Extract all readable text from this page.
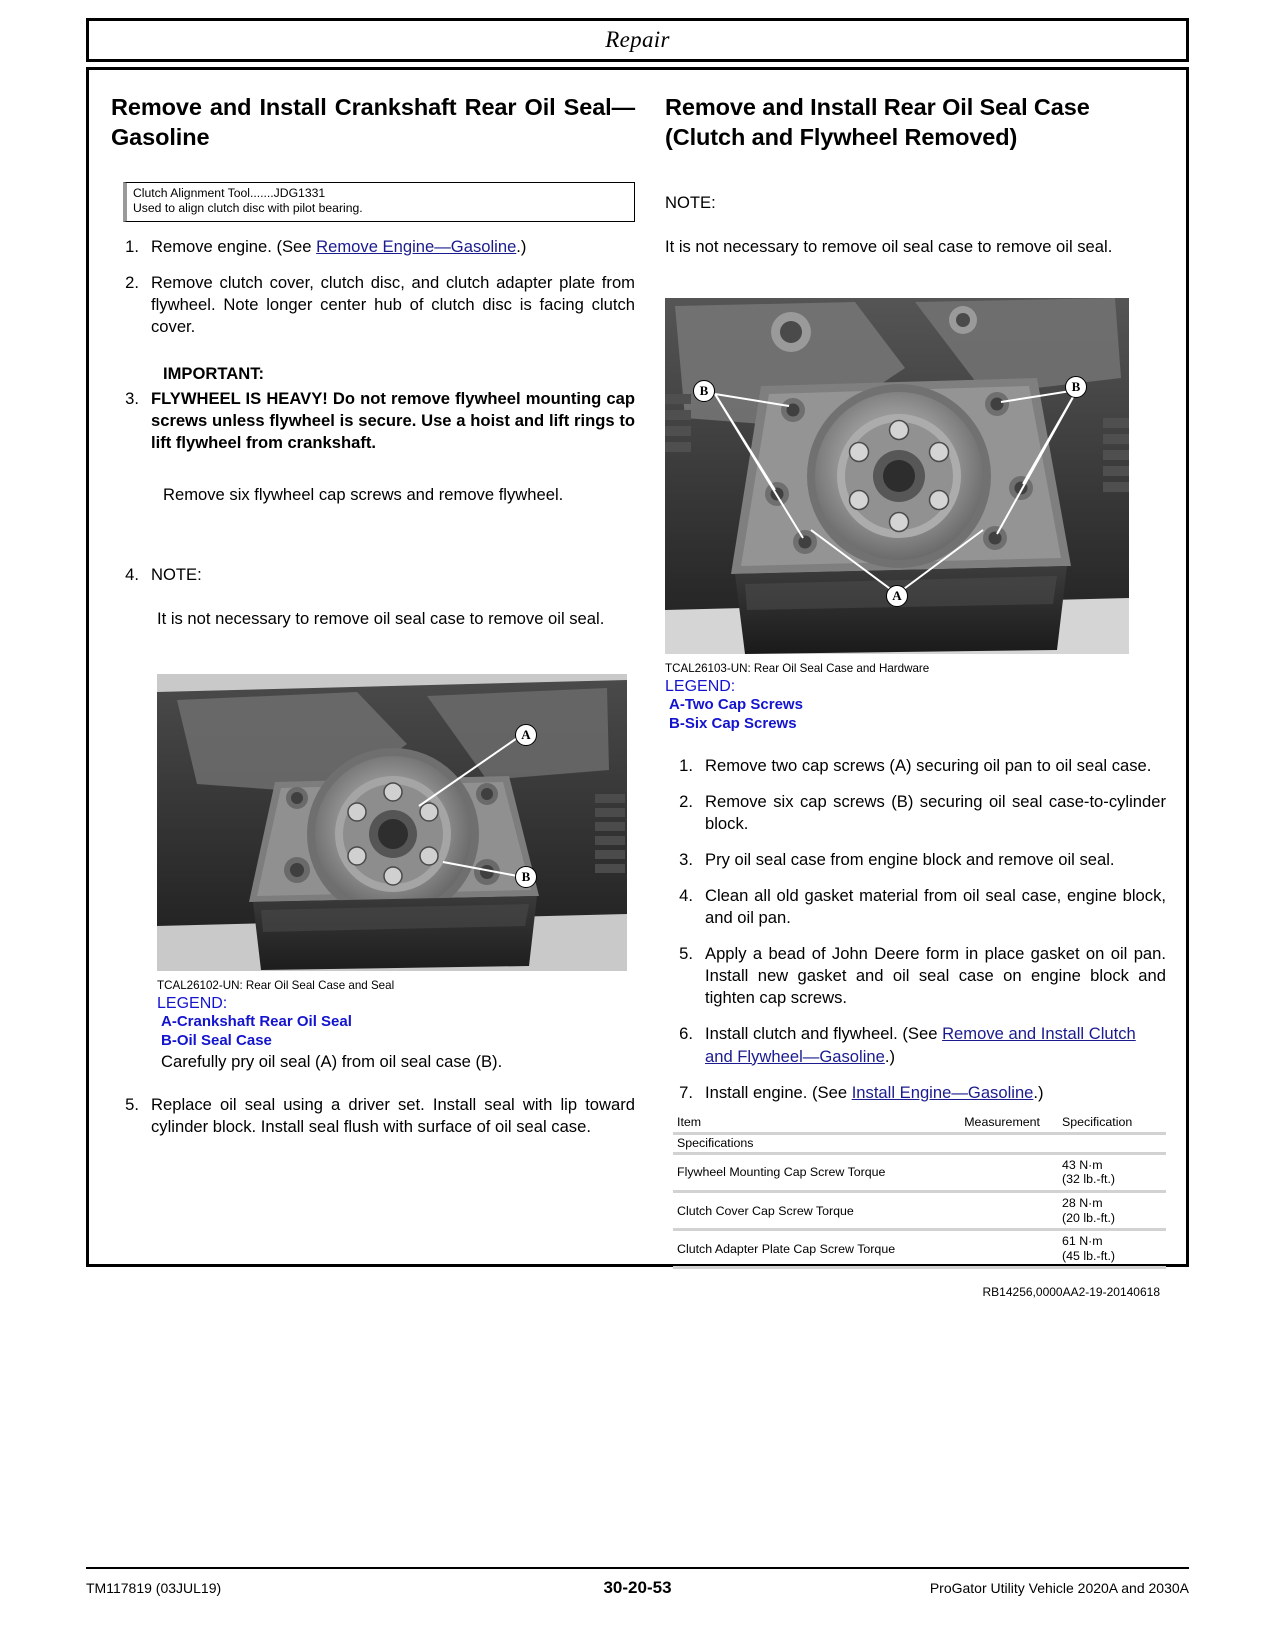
Repair
Remove and Install Crankshaft Rear Oil Seal—Gasoline
Clutch Alignment Tool.......JDG1331
Used to align clutch disc with pilot bearing.
1. Remove engine. (See Remove Engine—Gasoline.)
2. Remove clutch cover, clutch disc, and clutch adapter plate from flywheel. Note longer center hub of clutch disc is facing clutch cover.
IMPORTANT:
3. FLYWHEEL IS HEAVY! Do not remove flywheel mounting cap screws unless flywheel is secure. Use a hoist and lift rings to lift flywheel from crankshaft.
Remove six flywheel cap screws and remove flywheel.
4. NOTE:
It is not necessary to remove oil seal case to remove oil seal.
A
B
TCAL26102-UN: Rear Oil Seal Case and Seal
LEGEND:
A-Crankshaft Rear Oil Seal
B-Oil Seal Case
Carefully pry oil seal (A) from oil seal case (B).
5. Replace oil seal using a driver set. Install seal with lip toward cylinder block. Install seal flush with surface of oil seal case.
Remove and Install Rear Oil Seal Case (Clutch and Flywheel Removed)
NOTE:
It is not necessary to remove oil seal case to remove oil seal.
B	B
A
TCAL26103-UN: Rear Oil Seal Case and Hardware
LEGEND:
A-Two Cap Screws
B-Six Cap Screws
1. Remove two cap screws (A) securing oil pan to oil seal case.
2. Remove six cap screws (B) securing oil seal case-to-cylinder block.
3. Pry oil seal case from engine block and remove oil seal.
4. Clean all old gasket material from oil seal case, engine block, and oil pan.
5. Apply a bead of John Deere form in place gasket on oil pan. Install new gasket and oil seal case on engine block and tighten cap screws.
6. Install clutch and flywheel. (See Remove and Install Clutch and Flywheel—Gasoline.)
7. Install engine. (See Install Engine—Gasoline.)
Item	Measurement	Specification
Specifications		
Flywheel Mounting Cap Screw Torque		43 N·m
(32 lb.-ft.)

Clutch Cover Cap Screw Torque		28 N·m
(20 lb.-ft.)

Clutch Adapter Plate Cap Screw Torque		61 N·m
(45 lb.-ft.)
RB14256,0000AA2-19-20140618
TM117819 (03JUL19)	30-20-53	ProGator Utility Vehicle 2020A and 2030A
